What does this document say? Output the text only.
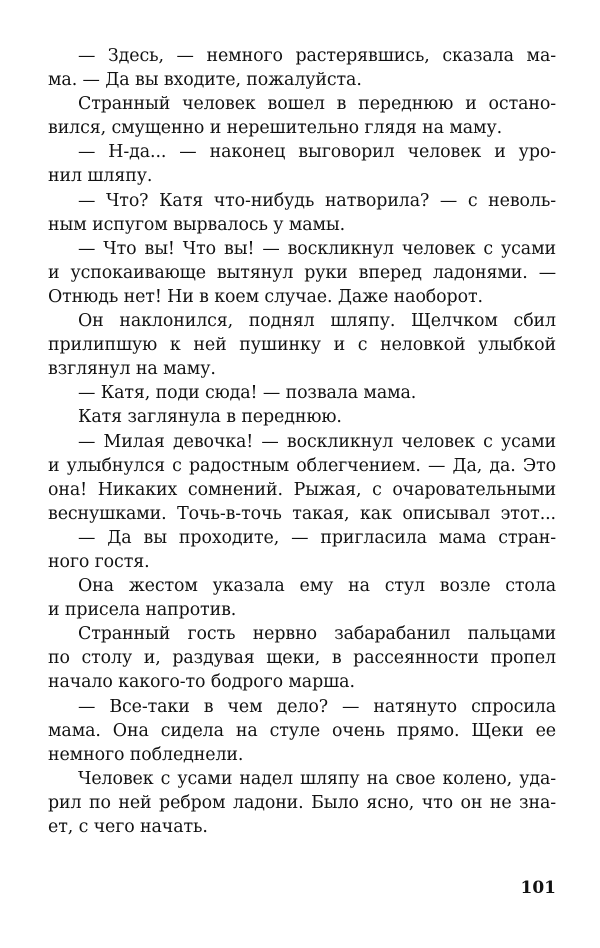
— Здесь, — немного растерявшись, сказала ма-
ма. — Да вы входите, пожалуйста.
Странный человек вошел в переднюю и остано-
вился, смущенно и нерешительно глядя на маму.
— Н-да... — наконец выговорил человек и уро-
нил шляпу.
— Что? Катя что-нибудь натворила? — с неволь-
ным испугом вырвалось у мамы.
— Что вы! Что вы! — воскликнул человек с усами
и успокаивающе вытянул руки вперед ладонями. —
Отнюдь нет! Ни в коем случае. Даже наоборот.
Он наклонился, поднял шляпу. Щелчком сбил
прилипшую к ней пушинку и с неловкой улыбкой
взглянул на маму.
— Катя, поди сюда! — позвала мама.
Катя заглянула в переднюю.
— Милая девочка! — воскликнул человек с усами
и улыбнулся с радостным облегчением. — Да, да. Это
она! Никаких сомнений. Рыжая, с очаровательными
веснушками. Точь-в-точь такая, как описывал этот...
— Да вы проходите, — пригласила мама стран-
ного гостя.
Она жестом указала ему на стул возле стола
и присела напротив.
Странный гость нервно забарабанил пальцами
по столу и, раздувая щеки, в рассеянности пропел
начало какого-то бодрого марша.
— Все-таки в чем дело? — натянуто спросила
мама. Она сидела на стуле очень прямо. Щеки ее
немного побледнели.
Человек с усами надел шляпу на свое колено, уда-
рил по ней ребром ладони. Было ясно, что он не зна-
ет, с чего начать.
101
